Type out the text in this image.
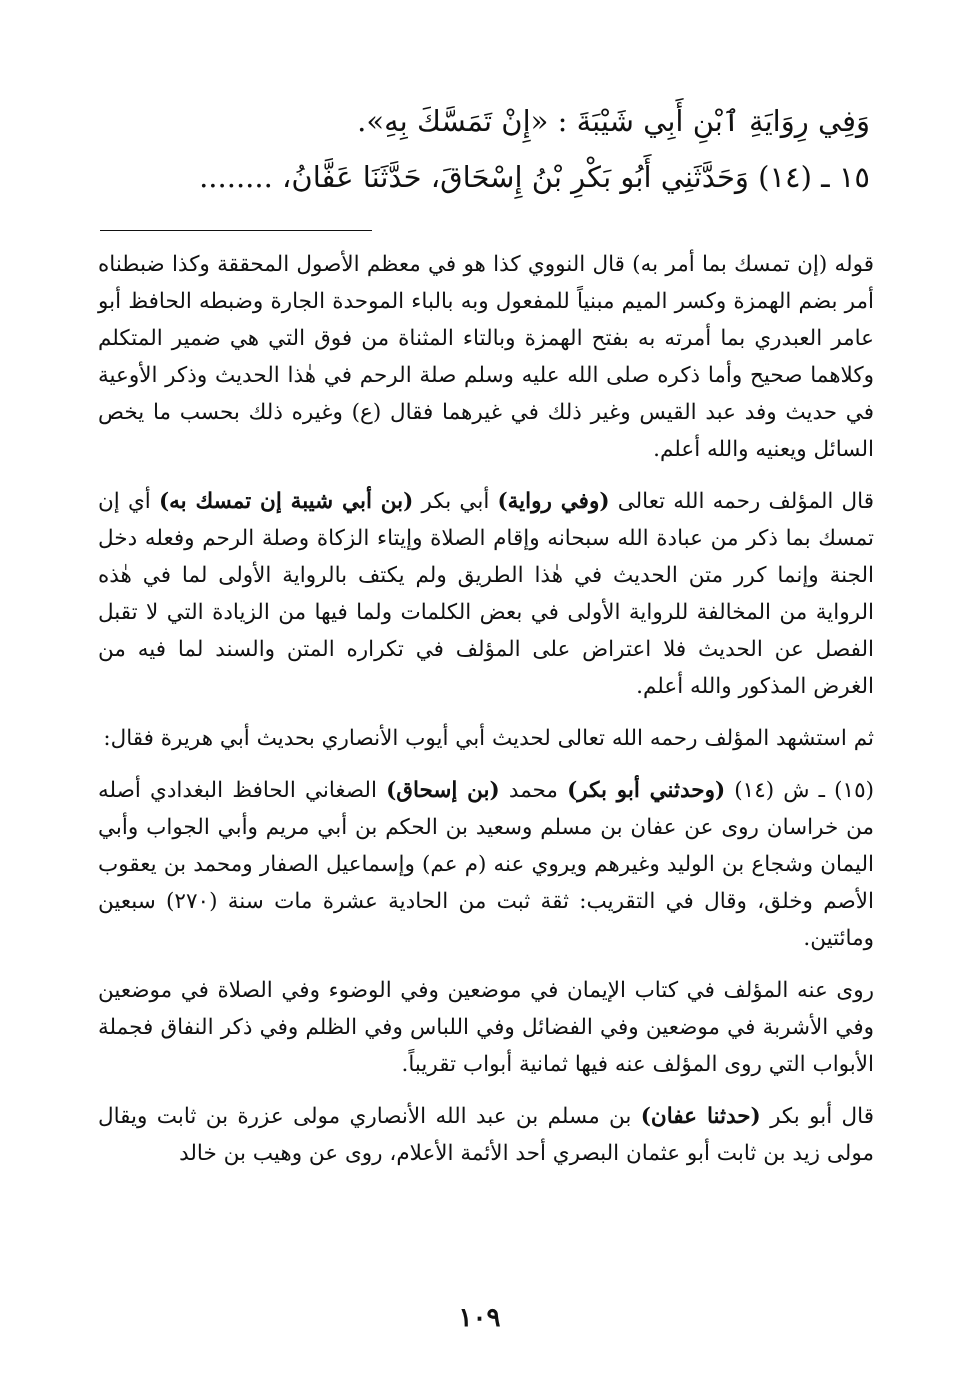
وَفِي رِوَايَةِ ٱبْنِ أَبِي شَيْبَةَ : «إِنْ تَمَسَّكَ بِهِ».
١٥ ـ (١٤) وَحَدَّثَنِي أَبُو بَكْرِ بْنُ إِسْحَاقَ، حَدَّثَنَا عَفَّانُ، ........

قوله (إن تمسك بما أمر به) قال النووي كذا هو في معظم الأصول المحققة وكذا ضبطناه أمر بضم الهمزة وكسر الميم مبنياً للمفعول وبه بالباء الموحدة الجارة وضبطه الحافظ أبو عامر العبدري بما أمرته به بفتح الهمزة وبالتاء المثناة من فوق التي هي ضمير المتكلم وكلاهما صحيح وأما ذكره صلى الله عليه وسلم صلة الرحم في هٰذا الحديث وذكر الأوعية في حديث وفد عبد القيس وغير ذلك في غيرهما فقال (ع) وغيره ذلك بحسب ما يخص السائل ويعنيه والله أعلم.

قال المؤلف رحمه الله تعالى (وفي رواية) أبي بكر (بن أبي شيبة إن تمسك به) أي إن تمسك بما ذكر من عبادة الله سبحانه وإقام الصلاة وإيتاء الزكاة وصلة الرحم وفعله دخل الجنة وإنما كرر متن الحديث في هٰذا الطريق ولم يكتف بالرواية الأولى لما في هٰذه الرواية من المخالفة للرواية الأولى في بعض الكلمات ولما فيها من الزيادة التي لا تقبل الفصل عن الحديث فلا اعتراض على المؤلف في تكراره المتن والسند لما فيه من الغرض المذكور والله أعلم.

ثم استشهد المؤلف رحمه الله تعالى لحديث أبي أيوب الأنصاري بحديث أبي هريرة فقال:

(١٥) ـ ش (١٤) (وحدثني أبو بكر) محمد (بن إسحاق) الصغاني الحافظ البغدادي أصله من خراسان روى عن عفان بن مسلم وسعيد بن الحكم بن أبي مريم وأبي الجواب وأبي اليمان وشجاع بن الوليد وغيرهم ويروي عنه (م عم) وإسماعيل الصفار ومحمد بن يعقوب الأصم وخلق، وقال في التقريب: ثقة ثبت من الحادية عشرة مات سنة (٢٧٠) سبعين ومائتين.

روى عنه المؤلف في كتاب الإيمان في موضعين وفي الوضوء وفي الصلاة في موضعين وفي الأشربة في موضعين وفي الفضائل وفي اللباس وفي الظلم وفي ذكر النفاق فجملة الأبواب التي روى المؤلف عنه فيها ثمانية أبواب تقريباً.

قال أبو بكر (حدثنا عفان) بن مسلم بن عبد الله الأنصاري مولى عزرة بن ثابت ويقال مولى زيد بن ثابت أبو عثمان البصري أحد الأئمة الأعلام، روى عن وهيب بن خالد

١٠٩
